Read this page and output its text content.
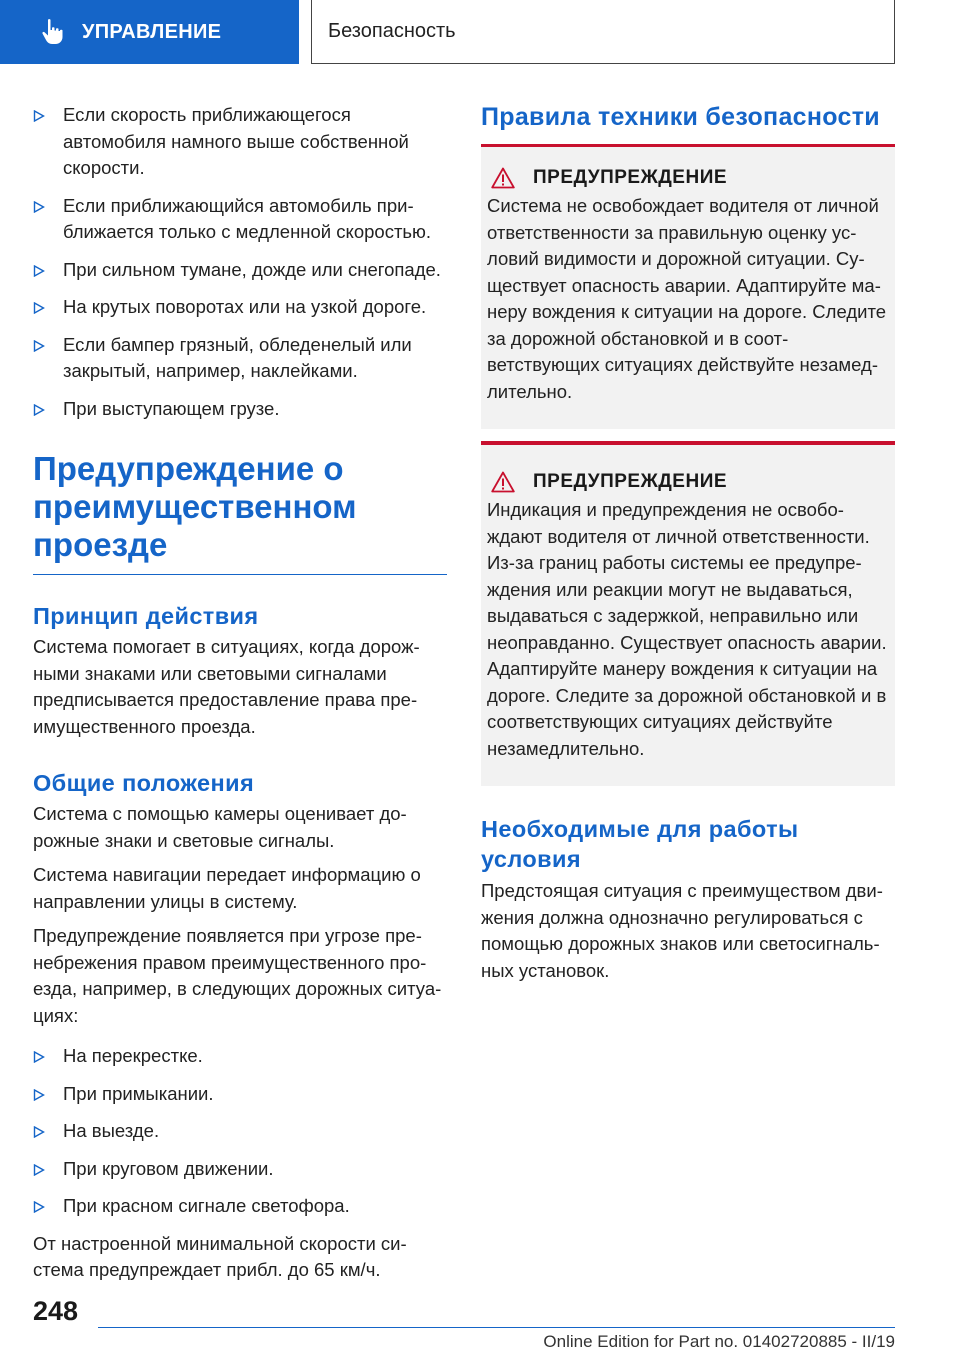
УПРАВЛЕНИЕ	Безопасность
Если скорость приближающегося автомобиля намного выше собственной скорости.
Если приближающийся автомобиль приближается только с медленной скоростью.
При сильном тумане, дожде или снегопаде.
На крутых поворотах или на узкой дороге.
Если бампер грязный, обледенелый или закрытый, например, наклейками.
При выступающем грузе.
Предупреждение о преимущественном проезде
Принцип действия

Система помогает в ситуациях, когда дорожными знаками или световыми сигналами предписывается предоставление права преимущественного проезда.

Общие положения

Система с помощью камеры оценивает дорожные знаки и световые сигналы.

Система навигации передает информацию о направлении улицы в систему.

Предупреждение появляется при угрозе пренебрежения правом преимущественного проезда, например, в следующих дорожных ситуациях:

На перекрестке.
При примыкании.
На выезде.
При круговом движении.
При красном сигнале светофора.

От настроенной минимальной скорости система предупреждает прибл. до 65 км/ч.

Правила техники безопасности
ПРЕДУПРЕЖДЕНИЕ
Система не освобождает водителя от личной ответственности за правильную оценку условий видимости и дорожной ситуации. Существует опасность аварии. Адаптируйте манеру вождения к ситуации на дороге. Следите за дорожной обстановкой и в соответствующих ситуациях действуйте незамедлительно.
ПРЕДУПРЕЖДЕНИЕ
Индикация и предупреждения не освобождают водителя от личной ответственности. Из-за границ работы системы ее предупреждения или реакции могут не выдаваться, выдаваться с задержкой, неправильно или неоправданно. Существует опасность аварии. Адаптируйте манеру вождения к ситуации на дороге. Следите за дорожной обстановкой и в соответствующих ситуациях действуйте незамедлительно.
Необходимые для работы условия

Предстоящая ситуация с преимуществом движения должна однозначно регулироваться с помощью дорожных знаков или светосигнальных установок.

248
Online Edition for Part no. 01402720885 - II/19
